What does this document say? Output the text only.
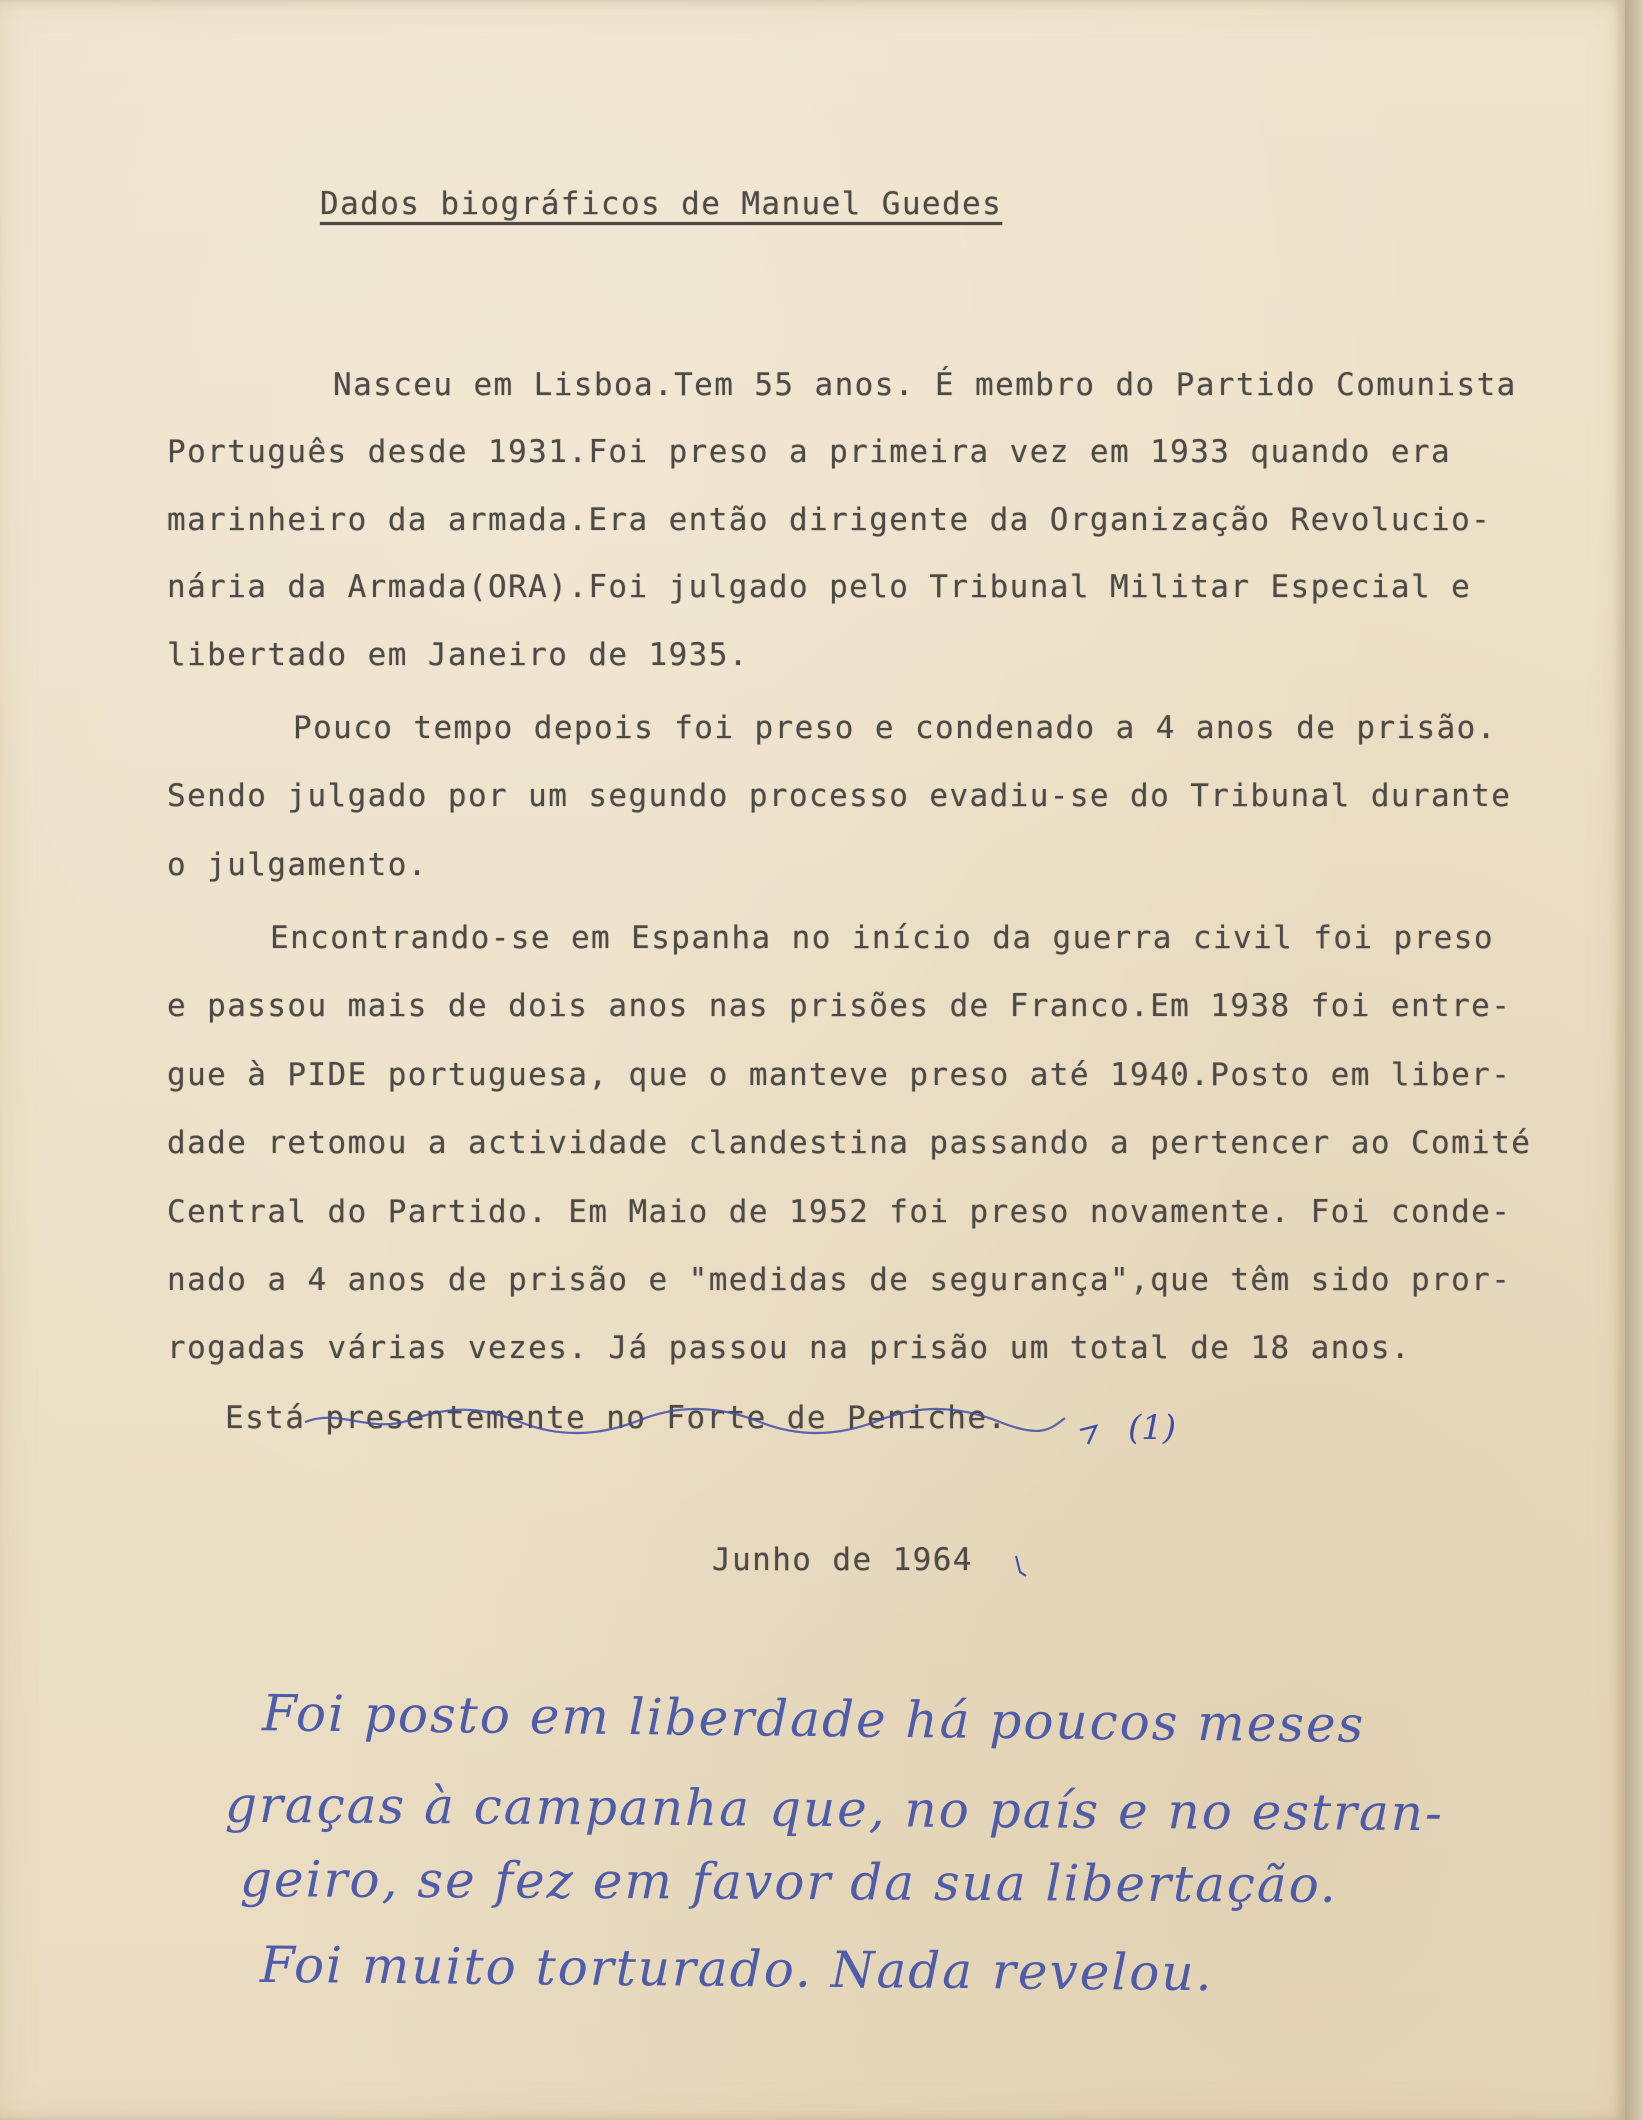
Dados biográficos de Manuel Guedes
Nasceu em Lisboa.Tem 55 anos. É membro do Partido Comunista
Português desde 1931.Foi preso a primeira vez em 1933 quando era
marinheiro da armada.Era então dirigente da Organização Revolucio-
nária da Armada(ORA).Foi julgado pelo Tribunal Militar Especial e
libertado em Janeiro de 1935.
Pouco tempo depois foi preso e condenado a 4 anos de prisão.
Sendo julgado por um segundo processo evadiu-se do Tribunal durante
o julgamento.
Encontrando-se em Espanha no início da guerra civil foi preso
e passou mais de dois anos nas prisões de Franco.Em 1938 foi entre-
gue à PIDE portuguesa, que o manteve preso até 1940.Posto em liber-
dade retomou a actividade clandestina passando a pertencer ao Comité
Central do Partido. Em Maio de 1952 foi preso novamente. Foi conde-
nado a 4 anos de prisão e "medidas de segurança",que têm sido pror-
rogadas várias vezes. Já passou na prisão um total de 18 anos.
Está presentemente no Forte de Peniche.	(1)
Junho de 1964
Foi posto em liberdade há poucos meses
graças à campanha que, no país e no estran-
geiro, se fez em favor da sua libertação.
Foi muito torturado. Nada revelou.
